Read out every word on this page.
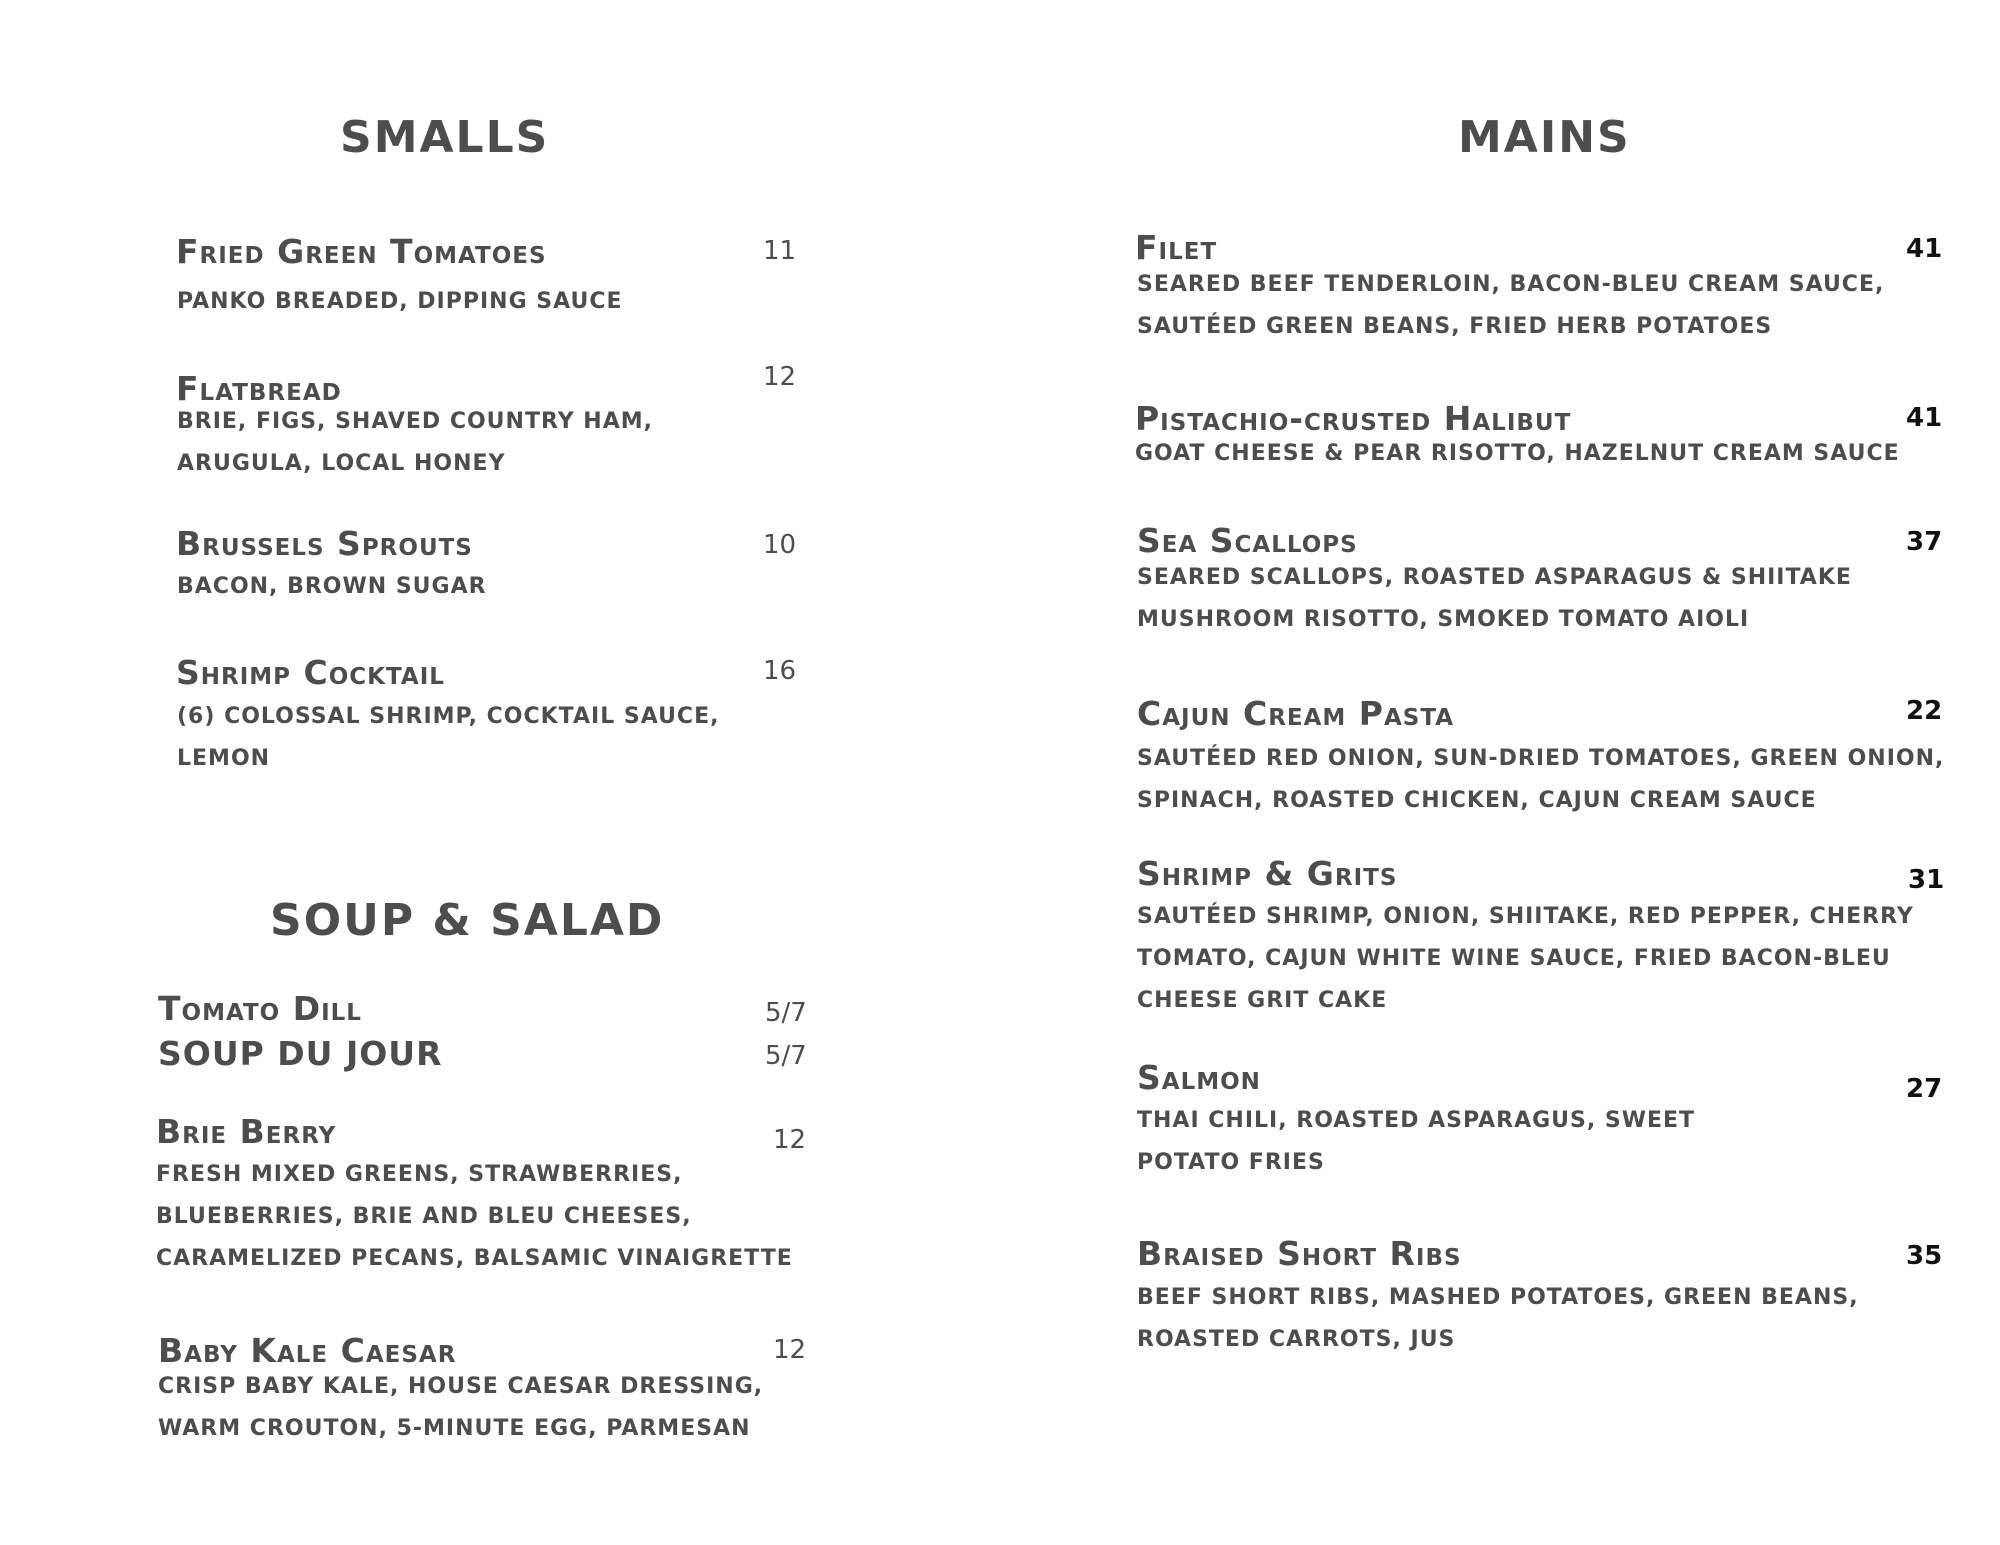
SMALLS
Fried Green Tomatoes	11
PANKO BREADED, DIPPING SAUCE
Flatbread	12
BRIE, FIGS, SHAVED COUNTRY HAM,
ARUGULA, LOCAL HONEY
Brussels Sprouts	10
BACON, BROWN SUGAR
Shrimp Cocktail	16
(6) COLOSSAL SHRIMP, COCKTAIL SAUCE,
LEMON
SOUP & SALAD
Tomato Dill	5/7
SOUP DU JOUR	5/7
Brie Berry	12
FRESH MIXED GREENS, STRAWBERRIES,
BLUEBERRIES, BRIE AND BLEU CHEESES,
CARAMELIZED PECANS, BALSAMIC VINAIGRETTE
Baby Kale Caesar	12
CRISP BABY KALE, HOUSE CAESAR DRESSING,
WARM CROUTON, 5-MINUTE EGG, PARMESAN
MAINS
Filet	41
SEARED BEEF TENDERLOIN, BACON-BLEU CREAM SAUCE,
SAUTÉED GREEN BEANS, FRIED HERB POTATOES
Pistachio-crusted Halibut	41
GOAT CHEESE & PEAR RISOTTO, HAZELNUT CREAM SAUCE
Sea Scallops	37
SEARED SCALLOPS, ROASTED ASPARAGUS & SHIITAKE
MUSHROOM RISOTTO, SMOKED TOMATO AIOLI
Cajun Cream Pasta	22
SAUTÉED RED ONION, SUN-DRIED TOMATOES, GREEN ONION,
SPINACH, ROASTED CHICKEN, CAJUN CREAM SAUCE
Shrimp & Grits	31
SAUTÉED SHRIMP, ONION, SHIITAKE, RED PEPPER, CHERRY
TOMATO, CAJUN WHITE WINE SAUCE, FRIED BACON-BLEU
CHEESE GRIT CAKE
Salmon	27
THAI CHILI, ROASTED ASPARAGUS, SWEET
POTATO FRIES
Braised Short Ribs	35
BEEF SHORT RIBS, MASHED POTATOES, GREEN BEANS,
ROASTED CARROTS, JUS
